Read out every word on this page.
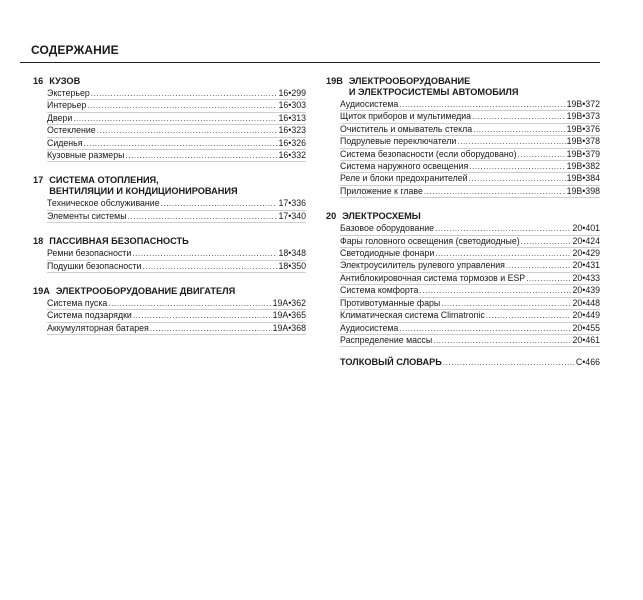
СОДЕРЖАНИЕ
16 КУЗОВ
Экстерьер .....	16•299
Интерьер .....	16•303
Двери .....	16•313
Остекление .....	16•323
Сиденья .....	16•326
Кузовные размеры .....	16•332
17 СИСТЕМА ОТОПЛЕНИЯ,
ВЕНТИЛЯЦИИ И КОНДИЦИОНИРОВАНИЯ
Техническое обслуживание .....	17•336
Элементы системы .....	17•340
18 ПАССИВНАЯ БЕЗОПАСНОСТЬ
Ремни безопасности .....	18•348
Подушки безопасности .....	18•350
19А ЭЛЕКТРООБОРУДОВАНИЕ ДВИГАТЕЛЯ
Система пуска .....	19А•362
Система подзарядки .....	19А•365
Аккумуляторная батарея .....	19А•368
19В ЭЛЕКТРООБОРУДОВАНИЕ
И ЭЛЕКТРОСИСТЕМЫ АВТОМОБИЛЯ
Аудиосистема .....	19В•372
Щиток приборов и мультимедиа .....	19В•373
Очиститель и омыватель стекла .....	19В•376
Подрулевые переключатели .....	19В•378
Система безопасности (если оборудовано) .....	19В•379
Система наружного освещения .....	19В•382
Реле и блоки предохранителей .....	19В•384
Приложение к главе .....	19В•398
20 ЭЛЕКТРОСХЕМЫ
Базовое оборудование .....	20•401
Фары головного освещения (светодиодные) .....	20•424
Светодиодные фонари .....	20•429
Электроусилитель рулевого управления .....	20•431
Антиблокировочная система тормозов и ESP .....	20•433
Система комфорта .....	20•439
Противотуманные фары .....	20•448
Климатическая система Climatronic .....	20•449
Аудиосистема .....	20•455
Распределение массы .....	20•461
ТОЛКОВЫЙ СЛОВАРЬ .....	С•466
